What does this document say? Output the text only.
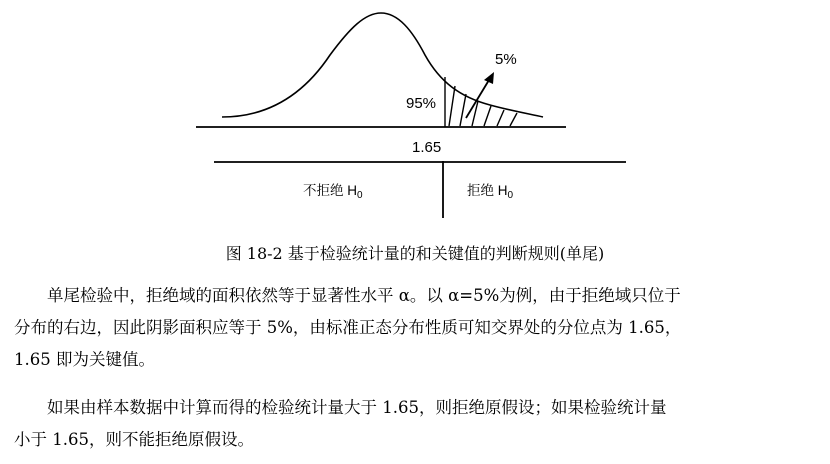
95%
5%
1.65
不拒绝 $H_0$	拒绝 $H_0$
图 18-2 基于检验统计量的和关键值的判断规则(单尾)
单尾检验中，拒绝域的面积依然等于显著性水平 α。以 α=5%为例，由于拒绝域只位于
分布的右边，因此阴影面积应等于 5%，由标准正态分布性质可知交界处的分位点为 1.65，
1.65 即为关键值。
如果由样本数据中计算而得的检验统计量大于 1.65，则拒绝原假设；如果检验统计量
小于 1.65，则不能拒绝原假设。
